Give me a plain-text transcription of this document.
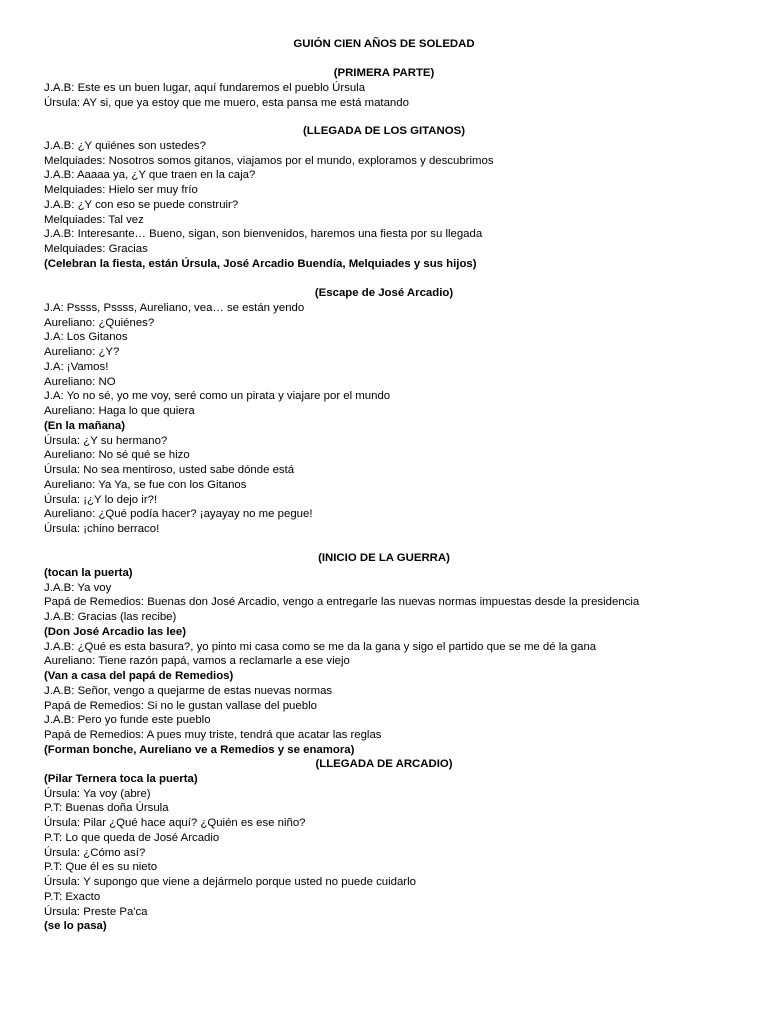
GUIÓN CIEN AÑOS DE SOLEDAD
(PRIMERA PARTE)
J.A.B: Este es un buen lugar, aquí fundaremos el pueblo Úrsula
Úrsula: AY si, que ya estoy que me muero, esta pansa me está matando
(LLEGADA DE LOS GITANOS)
J.A.B: ¿Y quiénes son ustedes?
Melquiades: Nosotros somos gitanos, viajamos por el mundo, exploramos y descubrimos
J.A.B: Aaaaa ya, ¿Y que traen en la caja?
Melquiades: Hielo ser muy frío
J.A.B: ¿Y con eso se puede construir?
Melquiades: Tal vez
J.A.B: Interesante… Bueno, sigan, son bienvenidos, haremos una fiesta por su llegada
Melquiades: Gracias
(Celebran la fiesta, están Úrsula, José Arcadio Buendía, Melquiades y sus hijos)
(Escape de José Arcadio)
J.A: Pssss, Pssss, Aureliano, vea… se están yendo
Aureliano: ¿Quiénes?
J.A: Los Gitanos
Aureliano: ¿Y?
J.A: ¡Vamos!
Aureliano: NO
J.A: Yo no sé, yo me voy, seré como un pirata y viajare por el mundo
Aureliano: Haga lo que quiera
(En la mañana)
Úrsula: ¿Y su hermano?
Aureliano: No sé qué se hizo
Úrsula: No sea mentiroso, usted sabe dónde está
Aureliano: Ya Ya, se fue con los Gitanos
Úrsula: ¡¿Y lo dejo ir?!
Aureliano: ¿Qué podía hacer? ¡ayayay no me pegue!
Úrsula: ¡chino berraco!
(INICIO DE LA GUERRA)
(tocan la puerta)
J.A.B: Ya voy
Papá de Remedios: Buenas don José Arcadio, vengo a entregarle las nuevas normas impuestas desde la presidencia
J.A.B: Gracias (las recibe)
(Don José Arcadio las lee)
J.A.B: ¿Qué es esta basura?, yo pinto mi casa como se me da la gana y sigo el partido que se me dé la gana
Aureliano: Tiene razón papá, vamos a reclamarle a ese viejo
(Van a casa del papá de Remedios)
J.A.B: Señor, vengo a quejarme de estas nuevas normas
Papá de Remedios: Si no le gustan vallase del pueblo
J.A.B: Pero yo funde este pueblo
Papá de Remedios: A pues muy triste, tendrá que acatar las reglas
(Forman bonche, Aureliano ve a Remedios y se enamora)
(LLEGADA DE ARCADIO)
(Pilar Ternera toca la puerta)
Úrsula: Ya voy (abre)
P.T: Buenas doña Úrsula
Úrsula: Pilar ¿Qué hace aquí? ¿Quién es ese niño?
P.T: Lo que queda de José Arcadio
Úrsula: ¿Cómo así?
P.T: Que él es su nieto
Úrsula: Y supongo que viene a dejármelo porque usted no puede cuidarlo
P.T: Exacto
Úrsula: Preste Pa'ca
(se lo pasa)
